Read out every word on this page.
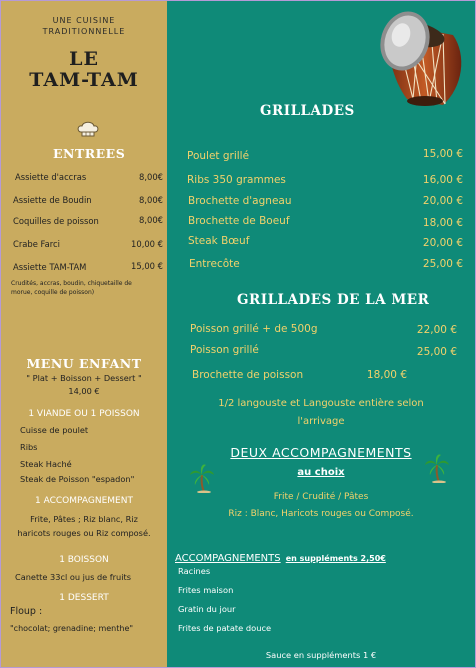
UNE CUISINE
TRADITIONNELLE
LE
TAM-TAM
ENTREES
Assiette d'accras	8,00€
Assiette de Boudin	8,00€
Coquilles de poisson	8,00€
Crabe Farci	10,00 €
Assiette TAM-TAM	15,00 €
Crudités, accras, boudin, chiquetaille de
morue, coquille de poisson)
MENU ENFANT
" Plat + Boisson + Dessert "
14,00 €
1 VIANDE OU 1 POISSON
Cuisse de poulet
Ribs
Steak Haché
Steak de Poisson "espadon"
1 ACCOMPAGNEMENT
Frite, Pâtes ; Riz blanc, Riz
haricots rouges ou Riz composé.
1 BOISSON
Canette 33cl ou jus de fruits
1 DESSERT
Floup :
"chocolat; grenadine; menthe"
GRILLADES
Poulet grillé	15,00 €
Ribs 350 grammes	16,00 €
Brochette d'agneau	20,00 €
Brochette de Boeuf	18,00 €
Steak Bœuf	20,00 €
Entrecôte	25,00 €
GRILLADES DE LA MER
Poisson grillé + de 500g	22,00 €
Poisson grillé	25,00 €
Brochette de poisson	18,00 €
1/2 langouste et Langouste entière selon
l'arrivage
DEUX ACCOMPAGNEMENTS
au choix
Frite / Crudité / Pâtes
Riz : Blanc, Haricots rouges ou Composé.
ACCOMPAGNEMENTS en suppléments 2,50€
Racines
Frites maison
Gratin du jour
Frites de patate douce
Sauce en suppléments 1 €
